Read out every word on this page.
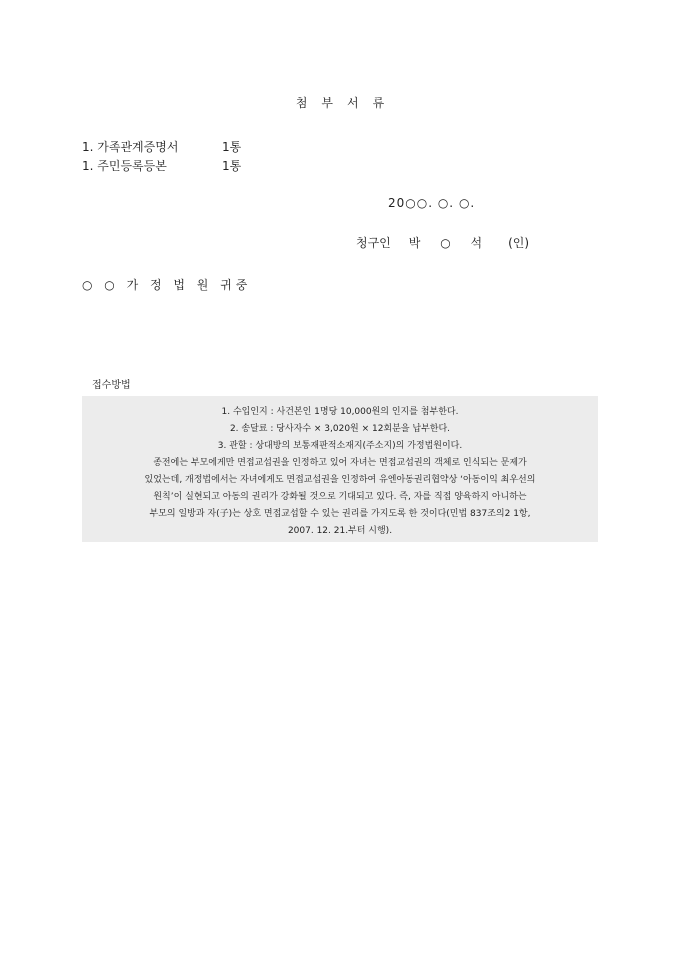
첨부서류
1. 가족관계증명서	1통
1. 주민등록등본	1통
20○○. ○. ○.
청구인 박 ○ 석 (인)
○ ○ 가 정 법 원 귀중
접수방법
1. 수입인지 : 사건본인 1명당 10,000원의 인지를 첨부한다.
2. 송달료 : 당사자수 × 3,020원 × 12회분을 납부한다.
3. 관할 : 상대방의 보통재판적소재지(주소지)의 가정법원이다.
종전에는 부모에게만 면접교섭권을 인정하고 있어 자녀는 면접교섭권의 객체로 인식되는 문제가
있었는데, 개정법에서는 자녀에게도 면접교섭권을 인정하여 유엔아동권리협약상 ‘아동이익 최우선의
원칙’이 실현되고 아동의 권리가 강화될 것으로 기대되고 있다. 즉, 자를 직접 양육하지 아니하는
부모의 일방과 자(子)는 상호 면접교섭할 수 있는 권리를 가지도록 한 것이다(민법 837조의2 1항,
2007. 12. 21.부터 시행).
